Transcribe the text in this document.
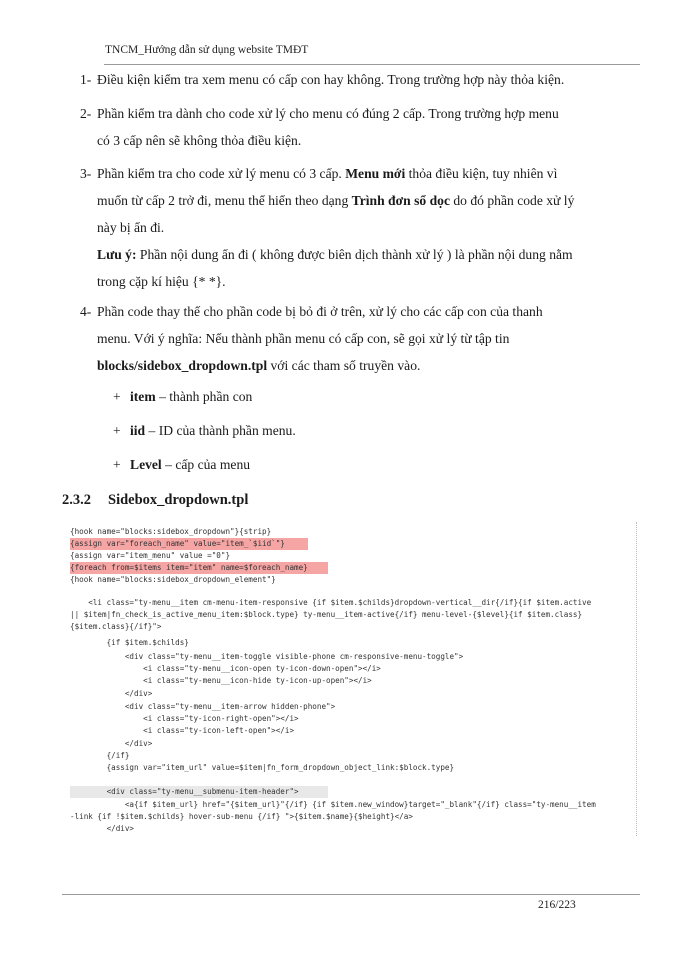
TNCM_Hướng dẫn sử dụng website TMĐT
1- Điều kiện kiểm tra xem menu có cấp con hay không. Trong trường hợp này thỏa kiện.
2- Phần kiểm tra dành cho code xử lý cho menu có đúng 2 cấp. Trong trường hợp menu
có 3 cấp nên sẽ không thỏa điều kiện.
3- Phần kiểm tra cho code xử lý menu có 3 cấp. Menu mới thỏa điều kiện, tuy nhiên vì
muốn từ cấp 2 trở đi, menu thể hiển theo dạng Trình đơn sổ dọc do đó phần code xử lý
này bị ẩn đi.
Lưu ý: Phần nội dung ẩn đi ( không được biên dịch thành xử lý ) là phần nội dung nằm
trong cặp kí hiệu {* *}.
4- Phần code thay thế cho phần code bị bỏ đi ở trên, xử lý cho các cấp con của thanh
menu. Với ý nghĩa: Nếu thành phần menu có cấp con, sẽ gọi xử lý từ tập tin
blocks/sidebox_dropdown.tpl với các tham số truyền vào.
+ item – thành phần con
+ iid – ID của thành phần menu.
+ Level – cấp của menu
2.3.2 Sidebox_dropdown.tpl
{hook name="blocks:sidebox_dropdown"}{strip}
{assign var="foreach_name" value="item_`$iid`"}
{assign var="item_menu" value ="0"}
{foreach from=$items item="item" name=$foreach_name}
{hook name="blocks:sidebox_dropdown_element"}
<li class="ty-menu__item cm-menu-item-responsive {if $item.$childs}dropdown-vertical__dir{/if}{if $item.active
|| $item|fn_check_is_active_menu_item:$block.type} ty-menu__item-active{/if} menu-level-{$level}{if $item.class}
{$item.class}{/if}">
{if $item.$childs}
<div class="ty-menu__item-toggle visible-phone cm-responsive-menu-toggle">
<i class="ty-menu__icon-open ty-icon-down-open"></i>
<i class="ty-menu__icon-hide ty-icon-up-open"></i>
</div>
<div class="ty-menu__item-arrow hidden-phone">
<i class="ty-icon-right-open"></i>
<i class="ty-icon-left-open"></i>
</div>
{/if}
{assign var="item_url" value=$item|fn_form_dropdown_object_link:$block.type}
<div class="ty-menu__submenu-item-header">
<a{if $item_url} href="{$item_url}"{/if} {if $item.new_window}target="_blank"{/if} class="ty-menu__item
-link {if !$item.$childs} hover-sub-menu {/if} ">{$item.$name}{$height}</a>
</div>
216/223
